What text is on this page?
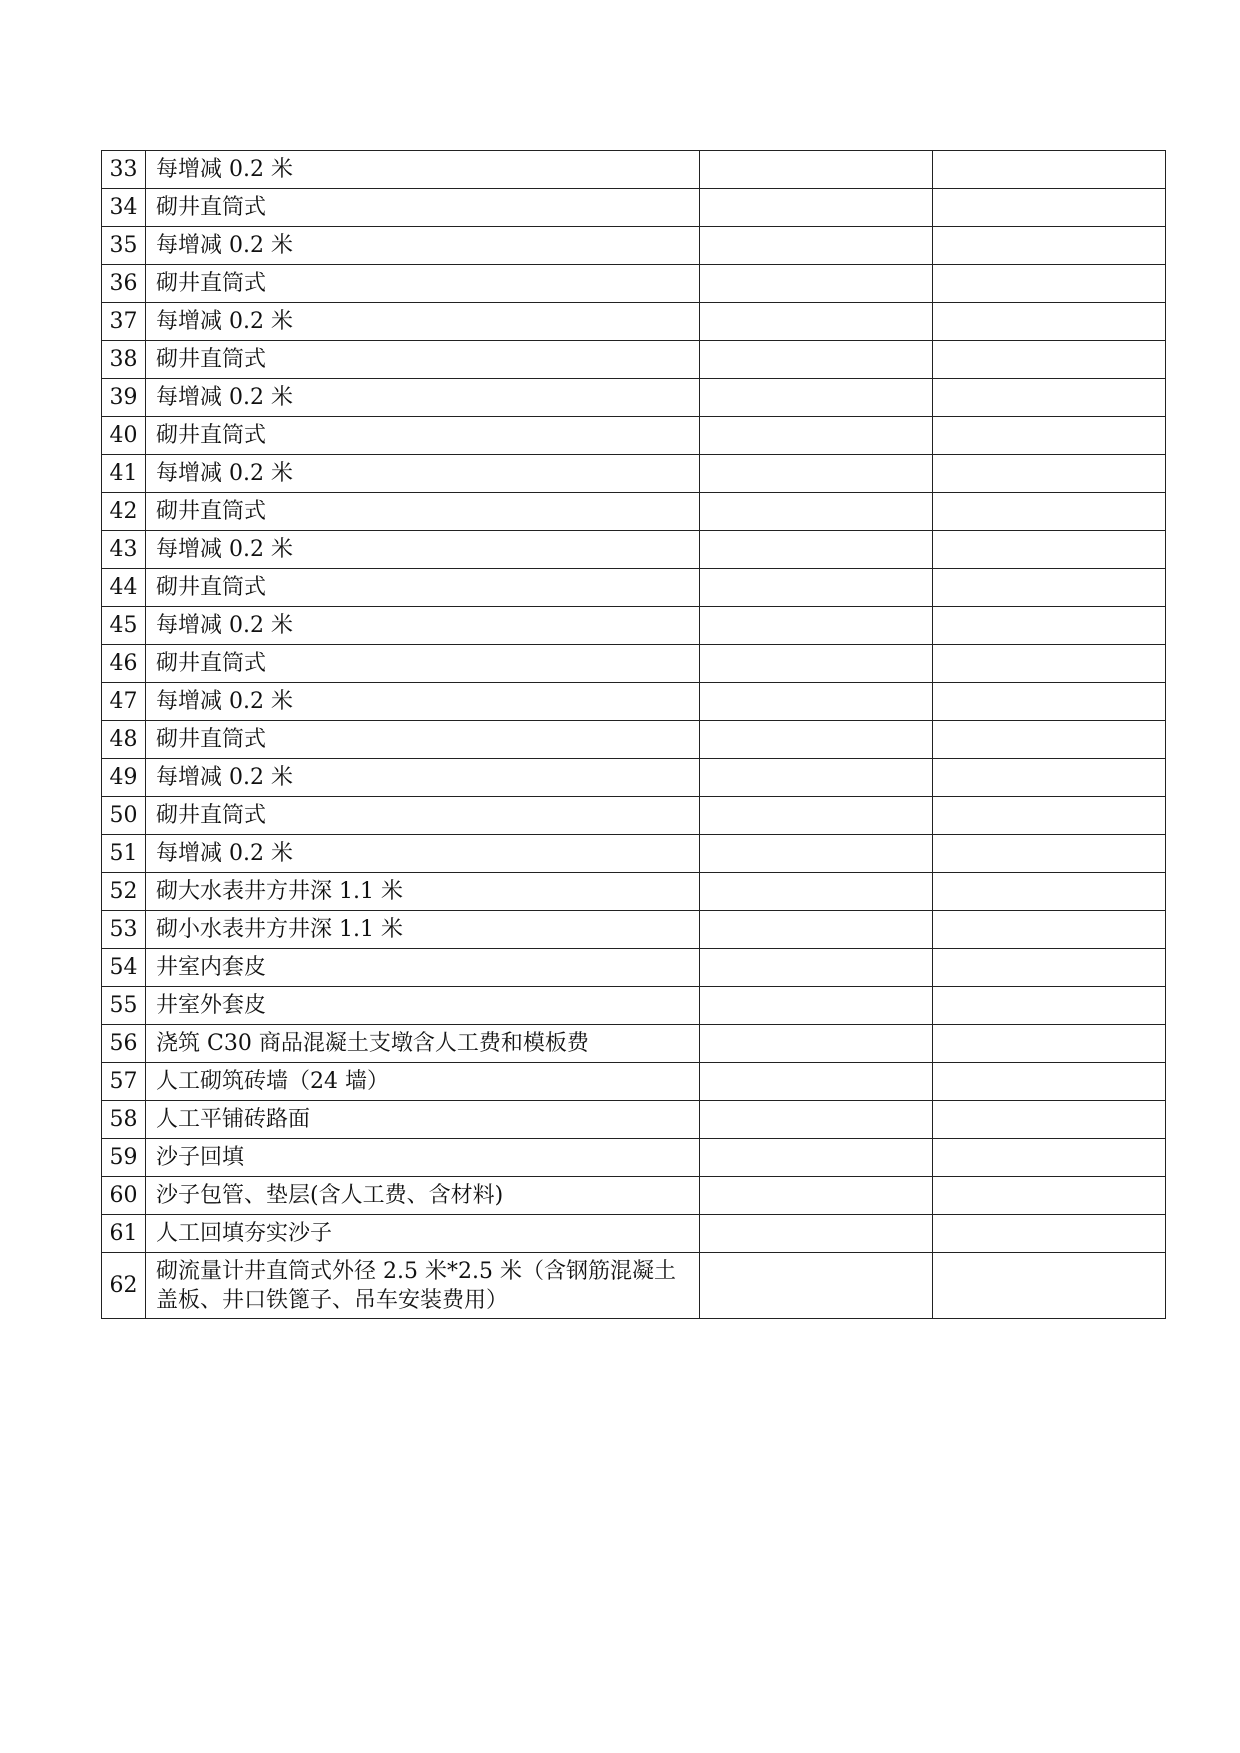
33	每增减 0.2 米		
34	砌井直筒式		
35	每增减 0.2 米		
36	砌井直筒式		
37	每增减 0.2 米		
38	砌井直筒式		
39	每增减 0.2 米		
40	砌井直筒式		
41	每增减 0.2 米		
42	砌井直筒式		
43	每增减 0.2 米		
44	砌井直筒式		
45	每增减 0.2 米		
46	砌井直筒式		
47	每增减 0.2 米		
48	砌井直筒式		
49	每增减 0.2 米		
50	砌井直筒式		
51	每增减 0.2 米		
52	砌大水表井方井深 1.1 米		
53	砌小水表井方井深 1.1 米		
54	井室内套皮		
55	井室外套皮		
56	浇筑 C30 商品混凝土支墩含人工费和模板费		
57	人工砌筑砖墙（24 墙）		
58	人工平铺砖路面		
59	沙子回填		
60	沙子包管、垫层(含人工费、含材料)		
61	人工回填夯实沙子		
62	砌流量计井直筒式外径 2.5 米*2.5 米（含钢筋混凝土盖板、井口铁篦子、吊车安装费用）		
